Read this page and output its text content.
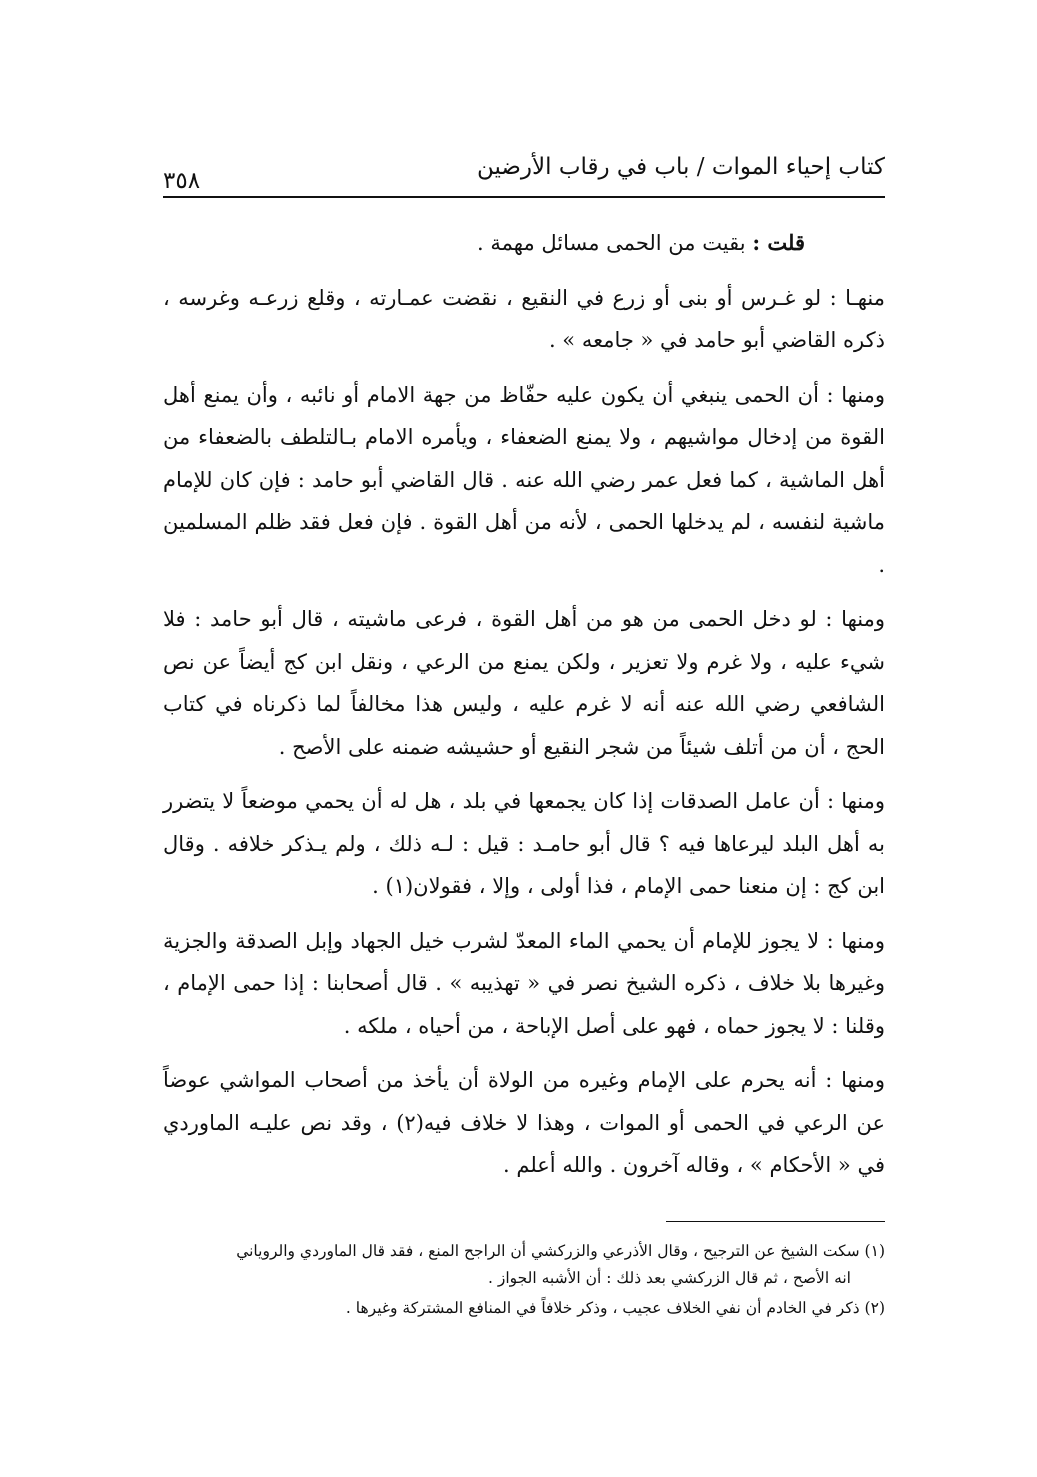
كتاب إحياء الموات / باب في رقاب الأرضين
٣٥٨

قلت : بقيت من الحمى مسائل مهمة .

منهـا : لو غـرس أو بنى أو زرع في النقيع ، نقضت عمـارته ، وقلع زرعـه وغرسه ، ذكره القاضي أبو حامد في « جامعه » .

ومنها : أن الحمى ينبغي أن يكون عليه حفّاظ من جهة الامام أو نائبه ، وأن يمنع أهل القوة من إدخال مواشيهم ، ولا يمنع الضعفاء ، ويأمره الامام بـالتلطف بالضعفاء من أهل الماشية ، كما فعل عمر رضي الله عنه . قال القاضي أبو حامد : فإن كان للإمام ماشية لنفسه ، لم يدخلها الحمى ، لأنه من أهل القوة . فإن فعل فقد ظلم المسلمين .

ومنها : لو دخل الحمى من هو من أهل القوة ، فرعى ماشيته ، قال أبو حامد : فلا شيء عليه ، ولا غرم ولا تعزير ، ولكن يمنع من الرعي ، ونقل ابن كج أيضاً عن نص الشافعي رضي الله عنه أنه لا غرم عليه ، وليس هذا مخالفاً لما ذكرناه في كتاب الحج ، أن من أتلف شيئاً من شجر النقيع أو حشيشه ضمنه على الأصح .

ومنها : أن عامل الصدقات إذا كان يجمعها في بلد ، هل له أن يحمي موضعاً لا يتضرر به أهل البلد ليرعاها فيه ؟ قال أبو حامـد : قيل : لـه ذلك ، ولم يـذكر خلافه . وقال ابن كج : إن منعنا حمى الإمام ، فذا أولى ، وإلا ، فقولان(١) .

ومنها : لا يجوز للإمام أن يحمي الماء المعدّ لشرب خيل الجهاد وإبل الصدقة والجزية وغيرها بلا خلاف ، ذكره الشيخ نصر في « تهذيبه » . قال أصحابنا : إذا حمى الإمام ، وقلنا : لا يجوز حماه ، فهو على أصل الإباحة ، من أحياه ، ملكه .

ومنها : أنه يحرم على الإمام وغيره من الولاة أن يأخذ من أصحاب المواشي عوضاً عن الرعي في الحمى أو الموات ، وهذا لا خلاف فيه(٢) ، وقد نص عليـه الماوردي في « الأحكام » ، وقاله آخرون . والله أعلم .

(١) سكت الشيخ عن الترجيح ، وقال الأذرعي والزركشي أن الراجح المنع ، فقد قال الماوردي والروياني
انه الأصح ، ثم قال الزركشي بعد ذلك : أن الأشبه الجواز .

(٢) ذكر في الخادم أن نفي الخلاف عجيب ، وذكر خلافاً في المنافع المشتركة وغيرها .
